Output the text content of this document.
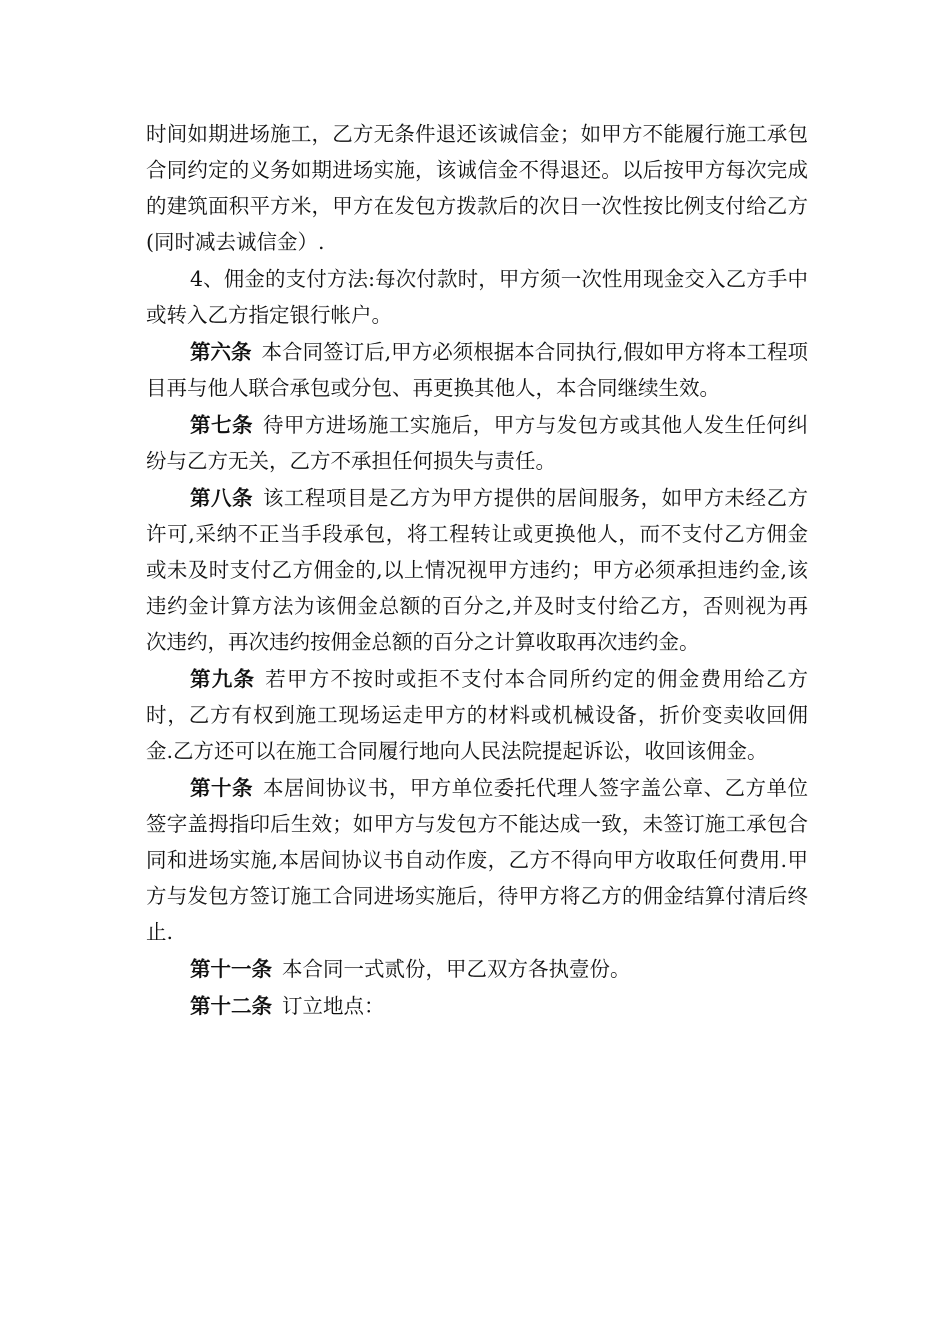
时间如期进场施工，乙方无条件退还该诚信金；如甲方不能履行施工承包合同约定的义务如期进场实施，该诚信金不得退还。以后按甲方每次完成的建筑面积平方米，甲方在发包方拨款后的次日一次性按比例支付给乙方(同时减去诚信金）.

4、佣金的支付方法:每次付款时，甲方须一次性用现金交入乙方手中或转入乙方指定银行帐户。

第六条 本合同签订后,甲方必须根据本合同执行,假如甲方将本工程项目再与他人联合承包或分包、再更换其他人，本合同继续生效。

第七条 待甲方进场施工实施后，甲方与发包方或其他人发生任何纠纷与乙方无关，乙方不承担任何损失与责任。

第八条 该工程项目是乙方为甲方提供的居间服务，如甲方未经乙方许可,采纳不正当手段承包，将工程转让或更换他人，而不支付乙方佣金或未及时支付乙方佣金的,以上情况视甲方违约；甲方必须承担违约金,该违约金计算方法为该佣金总额的百分之,并及时支付给乙方，否则视为再次违约，再次违约按佣金总额的百分之计算收取再次违约金。

第九条 若甲方不按时或拒不支付本合同所约定的佣金费用给乙方时，乙方有权到施工现场运走甲方的材料或机械设备，折价变卖收回佣金.乙方还可以在施工合同履行地向人民法院提起诉讼，收回该佣金。

第十条 本居间协议书，甲方单位委托代理人签字盖公章、乙方单位签字盖拇指印后生效；如甲方与发包方不能达成一致，未签订施工承包合同和进场实施,本居间协议书自动作废，乙方不得向甲方收取任何费用.甲方与发包方签订施工合同进场实施后，待甲方将乙方的佣金结算付清后终止.

第十一条 本合同一式贰份，甲乙双方各执壹份。

第十二条 订立地点：
